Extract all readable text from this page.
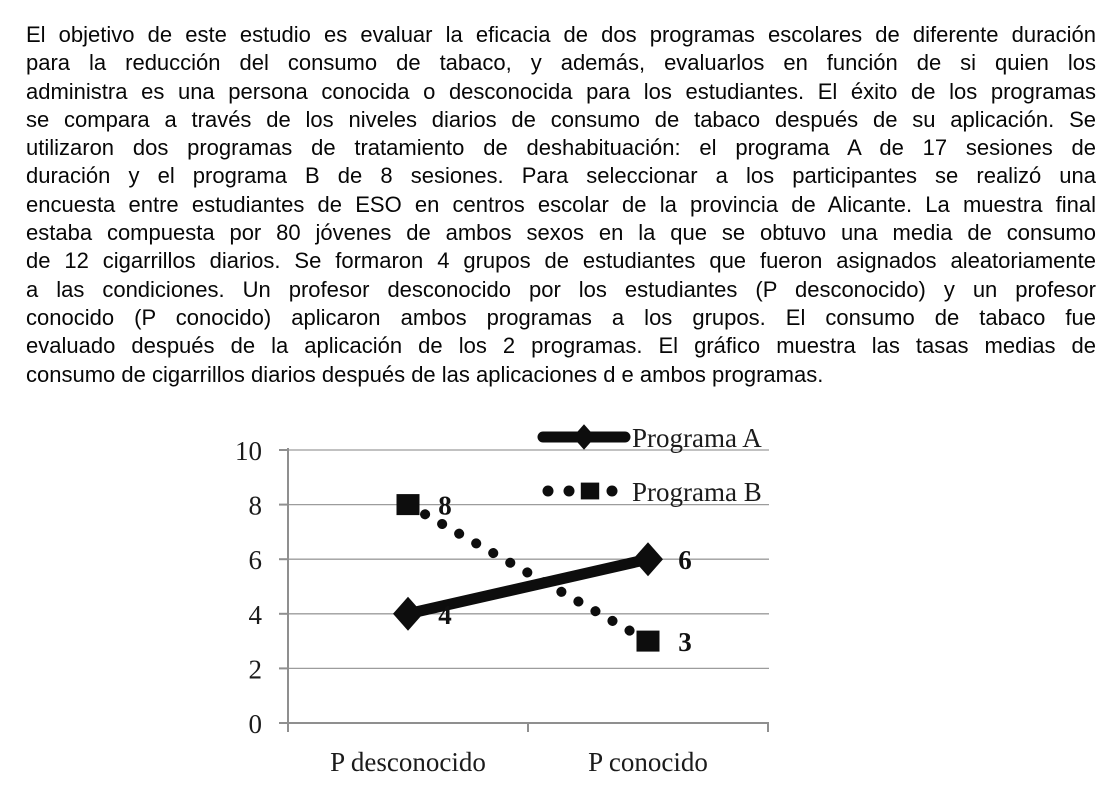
El objetivo de este estudio es evaluar la eficacia de dos programas escolares de diferente duración
para la reducción del consumo de tabaco, y además, evaluarlos en función de si quien los
administra es una persona conocida o desconocida para los estudiantes. El éxito de los programas
se compara a través de los niveles diarios de consumo de tabaco después de su aplicación. Se
utilizaron dos programas de tratamiento de deshabituación: el programa A de 17 sesiones de
duración y el programa B de 8 sesiones. Para seleccionar a los participantes se realizó una
encuesta entre estudiantes de ESO en centros escolar de la provincia de Alicante. La muestra final
estaba compuesta por 80 jóvenes de ambos sexos en la que se obtuvo una media de consumo
de 12 cigarrillos diarios. Se formaron 4 grupos de estudiantes que fueron asignados aleatoriamente
a las condiciones. Un profesor desconocido por los estudiantes (P desconocido) y un profesor
conocido (P conocido) aplicaron ambos programas a los grupos. El consumo de tabaco fue
evaluado después de la aplicación de los 2 programas. El gráfico muestra las tasas medias de
consumo de cigarrillos diarios después de las aplicaciones d e ambos programas.
0
2
4
6
8
10
P desconocido	P conocido
4
6
8
3
Programa A
Programa B
